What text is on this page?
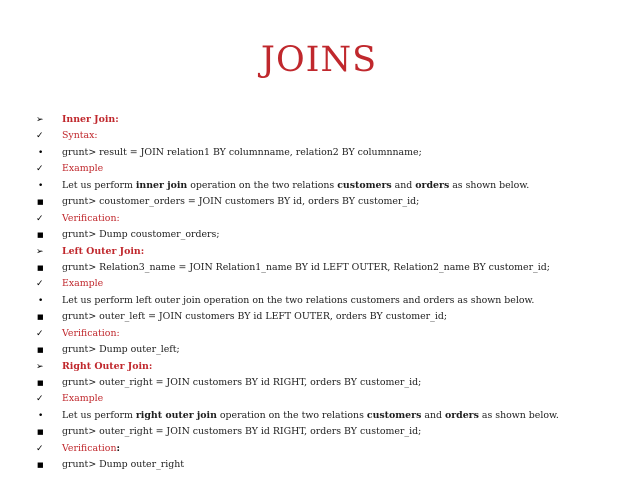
JOINS
➢	Inner Join:
✓	Syntax:
•	grunt> result = JOIN relation1 BY columnname, relation2 BY columnname;
✓	Example
•	Let us perform inner join operation on the two relations customers and orders as shown below.
■	grunt> coustomer_orders = JOIN customers BY id, orders BY customer_id;
✓	Verification:
■	grunt> Dump coustomer_orders;
➢	Left Outer Join:
■	grunt> Relation3_name = JOIN Relation1_name BY id LEFT OUTER, Relation2_name BY customer_id;
✓	Example
•	Let us perform left outer join operation on the two relations customers and orders as shown below.
■	grunt> outer_left = JOIN customers BY id LEFT OUTER, orders BY customer_id;
✓	Verification:
■	grunt> Dump outer_left;
➢	Right Outer Join:
■	grunt> outer_right = JOIN customers BY id RIGHT, orders BY customer_id;
✓	Example
•	Let us perform right outer join operation on the two relations customers and orders as shown below.
■	grunt> outer_right = JOIN customers BY id RIGHT, orders BY customer_id;
✓	Verification:
■	grunt> Dump outer_right
